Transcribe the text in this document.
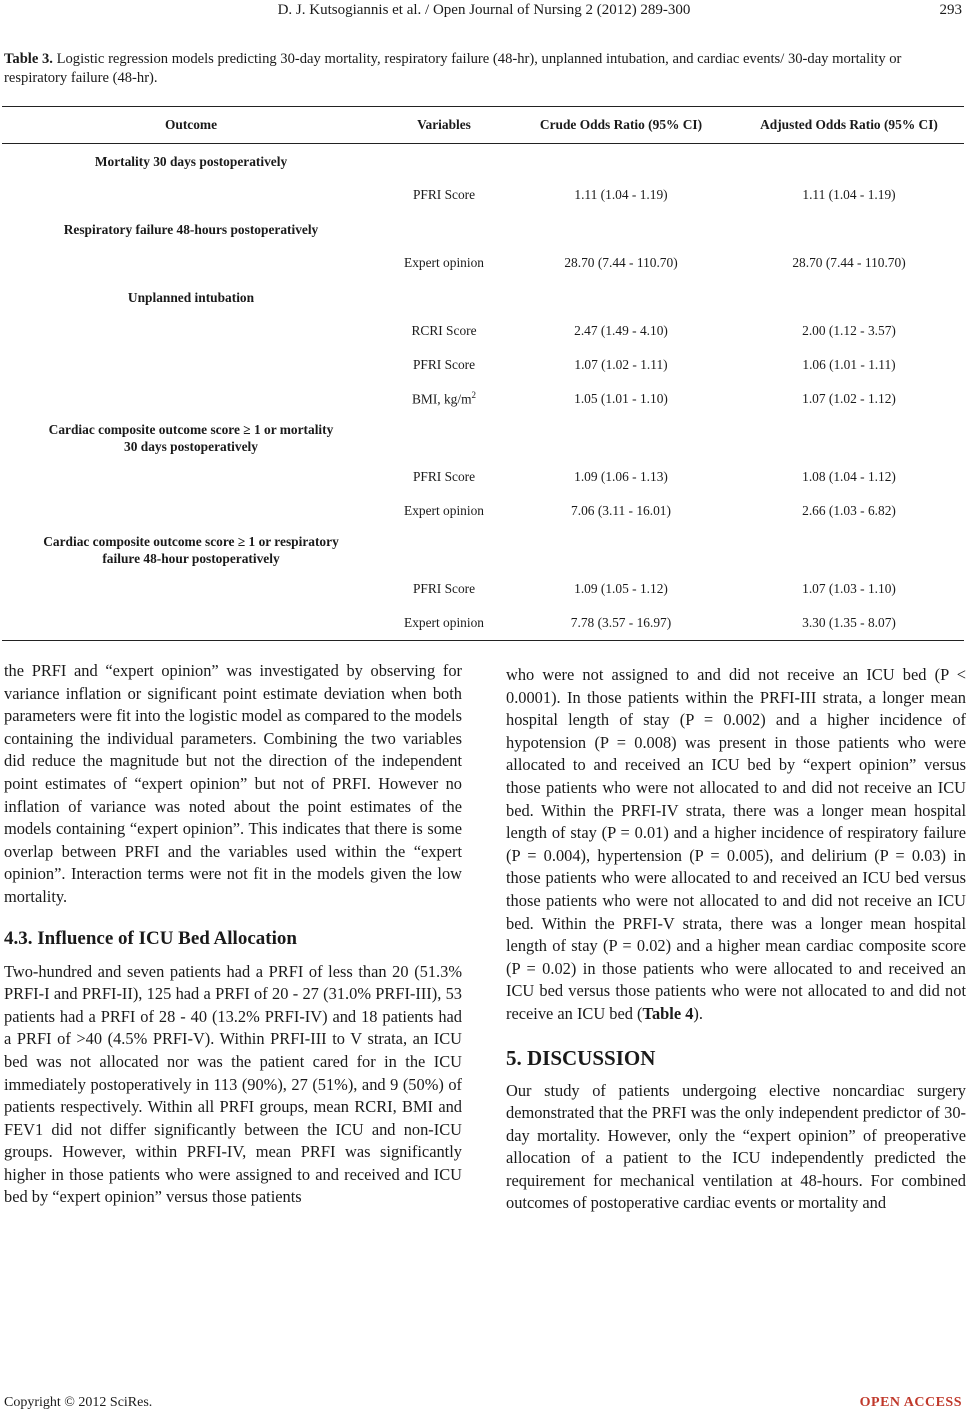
D. J. Kutsogiannis et al. / Open Journal of Nursing 2 (2012) 289-300	293
Table 3. Logistic regression models predicting 30-day mortality, respiratory failure (48-hr), unplanned intubation, and cardiac events/ 30-day mortality or respiratory failure (48-hr).
Outcome	Variables	Crude Odds Ratio (95% CI)	Adjusted Odds Ratio (95% CI)
Mortality 30 days postoperatively			
	PFRI Score	1.11 (1.04 - 1.19)	1.11 (1.04 - 1.19)
Respiratory failure 48-hours postoperatively			
	Expert opinion	28.70 (7.44 - 110.70)	28.70 (7.44 - 110.70)
Unplanned intubation			
	RCRI Score	2.47 (1.49 - 4.10)	2.00 (1.12 - 3.57)
	PFRI Score	1.07 (1.02 - 1.11)	1.06 (1.01 - 1.11)
	BMI, $kg/m^2$	1.05 (1.01 - 1.10)	1.07 (1.02 - 1.12)
Cardiac composite outcome score ≥ 1 or mortality
30 days postoperatively			
	PFRI Score	1.09 (1.06 - 1.13)	1.08 (1.04 - 1.12)
	Expert opinion	7.06 (3.11 - 16.01)	2.66 (1.03 - 6.82)
Cardiac composite outcome score ≥ 1 or respiratory
failure 48-hour postoperatively			
	PFRI Score	1.09 (1.05 - 1.12)	1.07 (1.03 - 1.10)
	Expert opinion	7.78 (3.57 - 16.97)	3.30 (1.35 - 8.07)

the PRFI and “expert opinion” was investigated by observing for variance inflation or significant point estimate deviation when both parameters were fit into the logistic model as compared to the models containing the individual parameters. Combining the two variables did reduce the magnitude but not the direction of the independent point estimates of “expert opinion” but not of PRFI. However no inflation of variance was noted about the point estimates of the models containing “expert opinion”. This indicates that there is some overlap between PRFI and the variables used within the “expert opinion”. Interaction terms were not fit in the models given the low mortality.

4.3. Influence of ICU Bed Allocation

Two-hundred and seven patients had a PRFI of less than 20 (51.3% PRFI-I and PRFI-II), 125 had a PRFI of 20 - 27 (31.0% PRFI-III), 53 patients had a PRFI of 28 - 40 (13.2% PRFI-IV) and 18 patients had a PRFI of >40 (4.5% PRFI-V). Within PRFI-III to V strata, an ICU bed was not allocated nor was the patient cared for in the ICU immediately postoperatively in 113 (90%), 27 (51%), and 9 (50%) of patients respectively. Within all PRFI groups, mean RCRI, BMI and FEV1 did not differ significantly between the ICU and non-ICU groups. However, within PRFI-IV, mean PRFI was significantly higher in those patients who were assigned to and received and ICU bed by “expert opinion” versus those patients

who were not assigned to and did not receive an ICU bed (P < 0.0001). In those patients within the PRFI-III strata, a longer mean hospital length of stay (P = 0.002) and a higher incidence of hypotension (P = 0.008) was present in those patients who were allocated to and received an ICU bed by “expert opinion” versus those patients who were not allocated to and did not receive an ICU bed. Within the PRFI-IV strata, there was a longer mean hospital length of stay (P = 0.01) and a higher incidence of respiratory failure (P = 0.004), hypertension (P = 0.005), and delirium (P = 0.03) in those patients who were allocated to and received an ICU bed versus those patients who were not allocated to and did not receive an ICU bed. Within the PRFI-V strata, there was a longer mean hospital length of stay (P = 0.02) and a higher mean cardiac composite score (P = 0.02) in those patients who were allocated to and received an ICU bed versus those patients who were not allocated to and did not receive an ICU bed (Table 4).

5. DISCUSSION

Our study of patients undergoing elective noncardiac surgery demonstrated that the PRFI was the only independent predictor of 30-day mortality. However, only the “expert opinion” of preoperative allocation of a patient to the ICU independently predicted the requirement for mechanical ventilation at 48-hours. For combined outcomes of postoperative cardiac events or mortality and

Copyright © 2012 SciRes.	OPEN ACCESS
